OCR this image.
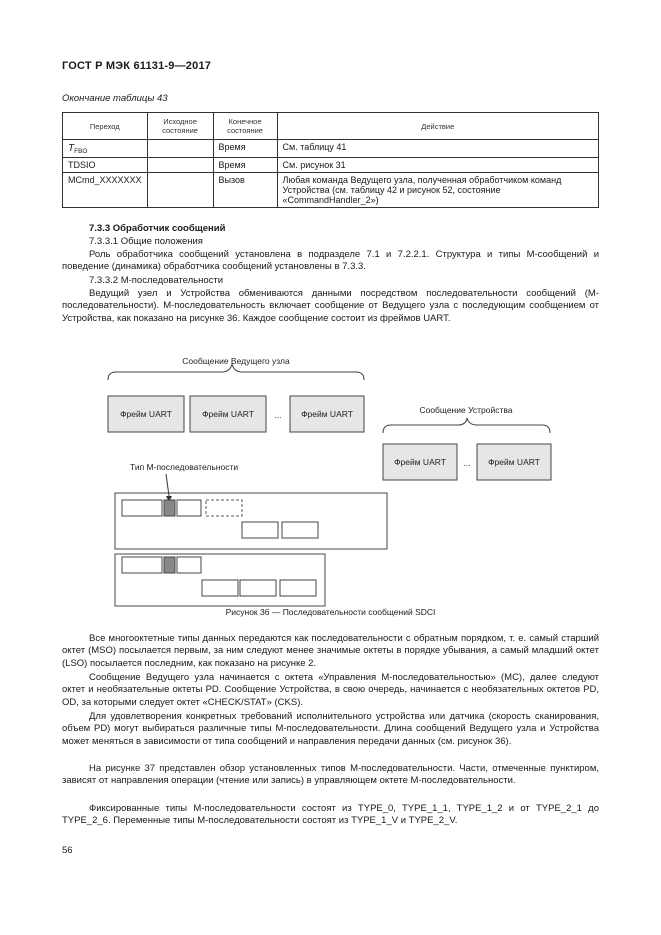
ГОСТ Р МЭК 61131-9—2017
Окончание таблицы 43
Переход	Исходное состояние	Конечное состояние	Действие
$T_{FBO}$		Время	См. таблицу 41
TDSIO		Время	См. рисунок 31
MCmd_XXXXXXX		Вызов	Любая команда Ведущего узла, полученная обработчиком команд Устройства (см. таблицу 42 и рисунок 52, состояние «CommandHandler_2»)

7.3.3 Обработчик сообщений

7.3.3.1 Общие положения

Роль обработчика сообщений установлена в подразделе 7.1 и 7.2.2.1. Структура и типы М-сообщений и поведение (динамика) обработчика сообщений установлены в 7.3.3.

7.3.3.2 М-последовательности

Ведущий узел и Устройства обмениваются данными посредством последовательности сообщений (М-последовательности). М-последовательность включает сообщение от Ведущего узла с последующим сообщением от Устройства, как показано на рисунке 36. Каждое сообщение состоит из фреймов UART.

Сообщение Ведущего узла
Фрейм UART	Фрейм UART ... Фрейм UART	Сообщение Устройства
Фрейм UART ... Фрейм UART
Тип М-последовательности
Рисунок 36 — Последовательности сообщений SDCI

Все многооктетные типы данных передаются как последовательности с обратным порядком, т. е. самый старший октет (MSO) посылается первым, за ним следуют менее значимые октеты в порядке убывания, а самый младший октет (LSO) посылается последним, как показано на рисунке 2.

Сообщение Ведущего узла начинается с октета «Управления М-последовательностью» (МС), далее следуют октет и необязательные октеты PD. Сообщение Устройства, в свою очередь, начинается с необязательных октетов PD, OD, за которыми следует октет «CHECK/STAT» (CKS).

Для удовлетворения конкретных требований исполнительного устройства или датчика (скорость сканирования, объем PD) могут выбираться различные типы М-последовательности. Длина сообщений Ведущего узла и Устройства может меняться в зависимости от типа сообщений и направления передачи данных (см. рисунок 36).

На рисунке 37 представлен обзор установленных типов М-последовательности. Части, отмеченные пунктиром, зависят от направления операции (чтение или запись) в управляющем октете М-последовательности.

Фиксированные типы М-последовательности состоят из TYPE_0, TYPE_1_1, TYPE_1_2 и от TYPE_2_1 до TYPE_2_6. Переменные типы М-последовательности состоят из TYPE_1_V и TYPE_2_V.

56
